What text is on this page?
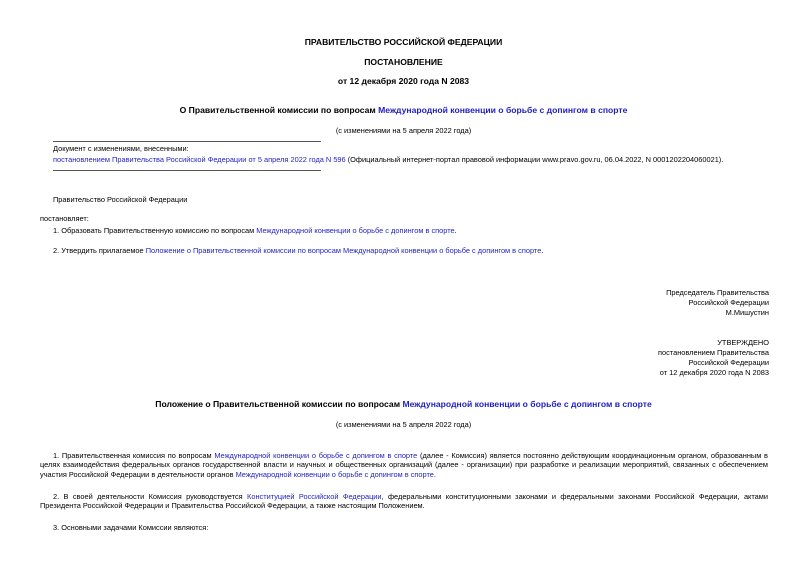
ПРАВИТЕЛЬСТВО РОССИЙСКОЙ ФЕДЕРАЦИИ
ПОСТАНОВЛЕНИЕ
от 12 декабря 2020 года N 2083
О Правительственной комиссии по вопросам Международной конвенции о борьбе с допингом в спорте
(с изменениями на 5 апреля 2022 года)
Документ с изменениями, внесенными:
постановлением Правительства Российской Федерации от 5 апреля 2022 года N 596 (Официальный интернет-портал правовой информации www.pravo.gov.ru, 06.04.2022, N 0001202204060021).
Правительство Российской Федерации
постановляет:
1. Образовать Правительственную комиссию по вопросам Международной конвенции о борьбе с допингом в спорте.
2. Утвердить прилагаемое Положение о Правительственной комиссии по вопросам Международной конвенции о борьбе с допингом в спорте.
Председатель Правительства
Российской Федерации
М.Мишустин
УТВЕРЖДЕНО
постановлением Правительства
Российской Федерации
от 12 декабря 2020 года N 2083
Положение о Правительственной комиссии по вопросам Международной конвенции о борьбе с допингом в спорте
(с изменениями на 5 апреля 2022 года)
1. Правительственная комиссия по вопросам Международной конвенции о борьбе с допингом в спорте (далее - Комиссия) является постоянно действующим координационным органом, образованным в целях взаимодействия федеральных органов государственной власти и научных и общественных организаций (далее - организации) при разработке и реализации мероприятий, связанных с обеспечением участия Российской Федерации в деятельности органов Международной конвенции о борьбе с допингом в спорте.
2. В своей деятельности Комиссия руководствуется Конституцией Российской Федерации, федеральными конституционными законами и федеральными законами Российской Федерации, актами Президента Российской Федерации и Правительства Российской Федерации, а также настоящим Положением.
3. Основными задачами Комиссии являются:
